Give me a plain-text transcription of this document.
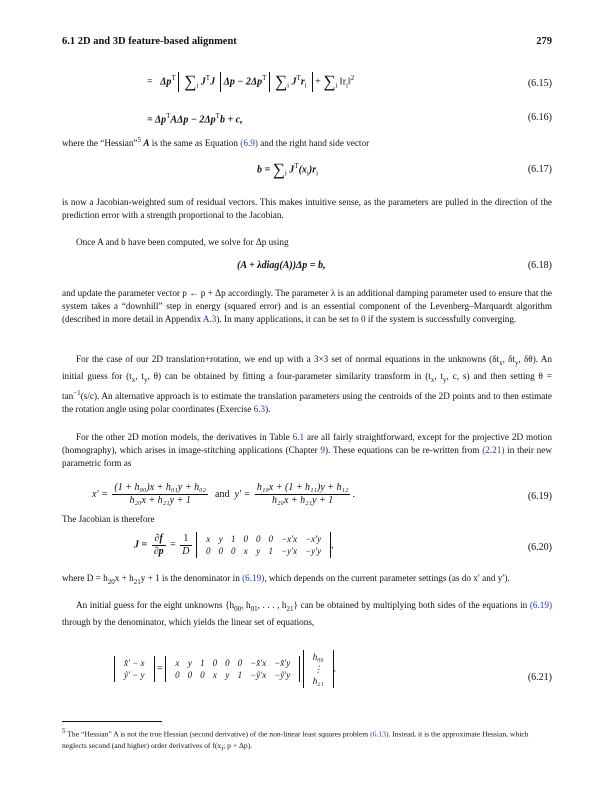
6.1 2D and 3D feature-based alignment	279
= $\Delta p^T$ $\sum_i$ $J^TJ$ $\Delta p - 2\Delta p^T$ $\sum_i$ $J^Tr_i + \sum_i$ $‖r_i‖^2$
(6.15)
= $\Delta p^TA\Delta p - 2\Delta p^Tb + c$,	(6.16)
where the “Hessian”$^5$ A is the same as Equation (6.9) and the right hand side vector
$b = \sum_i$ $J^T(x_i)r_i$	(6.17)
is now a Jacobian-weighted sum of residual vectors. This makes intuitive sense, as the parameters are pulled in the direction of the prediction error with a strength proportional to the Jacobian.
Once A and b have been computed, we solve for Δp using
(A + λdiag(A))Δp = b,	(6.18)
and update the parameter vector p ← p + Δp accordingly. The parameter λ is an additional damping parameter used to ensure that the system takes a “downhill” step in energy (squared error) and is an essential component of the Levenberg–Marquardt algorithm (described in more detail in Appendix A.3). In many applications, it can be set to 0 if the system is successfully converging.
For the case of our 2D translation+rotation, we end up with a 3×3 set of normal equations in the unknowns ($\delta t_x$, $\delta t_y$, δθ). An initial guess for ($t_x$, $t_y$, θ) can be obtained by fitting a four-parameter similarity transform in ($t_x$, $t_y$, c, s) and then setting $\theta = \tan^{-1}(s/c)$. An alternative approach is to estimate the translation parameters using the centroids of the 2D points and to then estimate the rotation angle using polar coordinates (Exercise 6.3).
For the other 2D motion models, the derivatives in Table 6.1 are all fairly straightforward, except for the projective 2D motion (homography), which arises in image-stitching applications (Chapter 9). These equations can be re-written from (2.21) in their new parametric form as
$x' = \frac{\text{(1 + h₀₀)x + h₀₁y + h₀₂}}{\text{h₂₀x + h₂₁y + 1}}$ and $y' = \frac{\text{h₁₀x + (1 + h₁₁)y + h₁₂}}{\text{h₂₀x + h₂₁y + 1}}$ .	(6.19)
The Jacobian is therefore
$J = \frac{\partial f}{\partial p} = \frac{1}{D}$
x	y	1	0	0	0	−x′x	−x′y
0	0	0	x	y	1	−y′x	−y′y
,	(6.20)
where $D = h_{20}x + h_{21}y + 1$ is the denominator in (6.19), which depends on the current parameter settings (as do x′ and y′).
An initial guess for the eight unknowns {$h_{00}$, $h_{01}$, . . . , $h_{21}$} can be obtained by multiplying both sides of the equations in (6.19) through by the denominator, which yields the linear set of equations,
x̂′ − x
ŷ′ − y
=
x	y	1	0	0	0	−x̂′x	−x̂′y
0	0	0	x	y	1	−ŷ′x	−ŷ′y

h₀₀
⋮
h₂₁
.
(6.21)
$^5$ The “Hessian” A is not the true Hessian (second derivative) of the non-linear least squares problem (6.13). Instead, it is the approximate Hessian, which neglects second (and higher) order derivatives of $f(x_i$; p + Δp).
